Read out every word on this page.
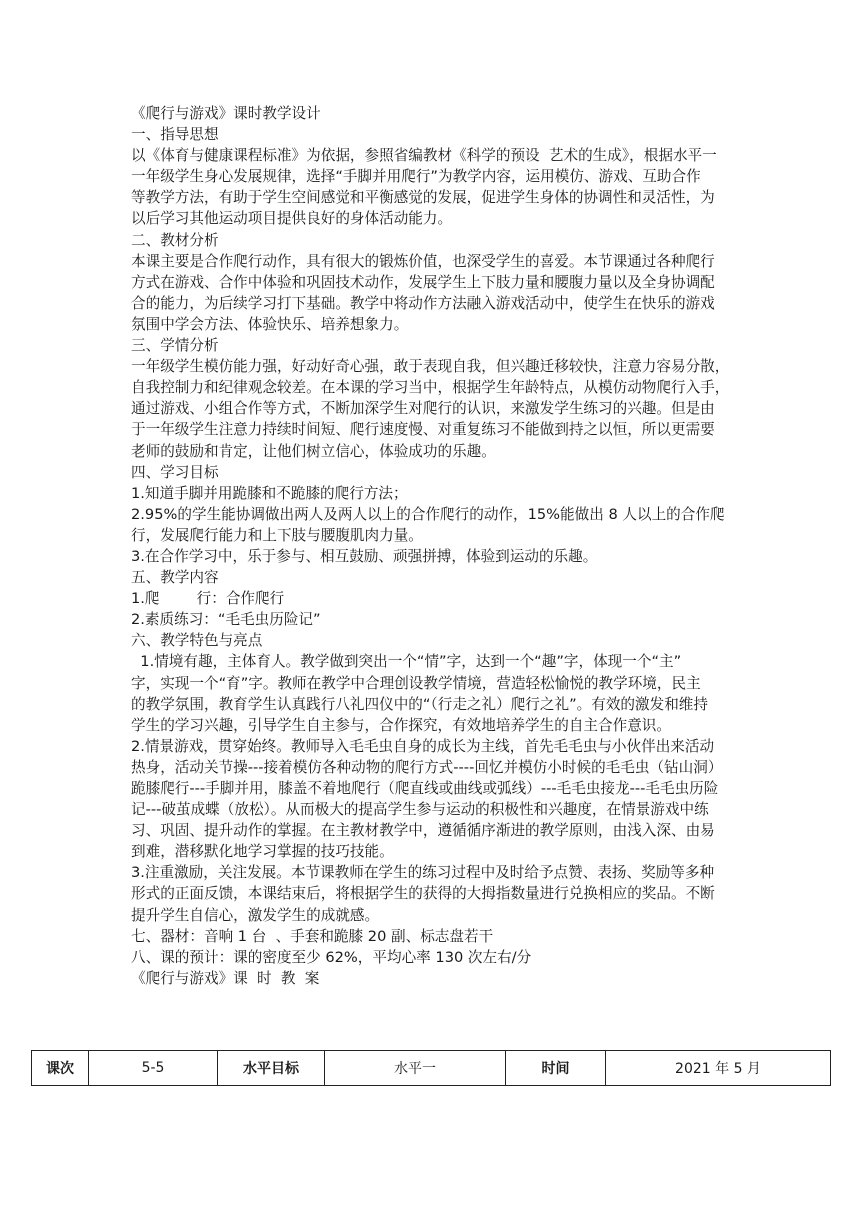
《爬行与游戏》课时教学设计
一、指导思想
以《体育与健康课程标准》为依据，参照省编教材《科学的预设  艺术的生成》，根据水平一
一年级学生身心发展规律，选择“手脚并用爬行”为教学内容，运用模仿、游戏、互助合作
等教学方法，有助于学生空间感觉和平衡感觉的发展，促进学生身体的协调性和灵活性，为
以后学习其他运动项目提供良好的身体活动能力。
二、教材分析
本课主要是合作爬行动作，具有很大的锻炼价值，也深受学生的喜爱。本节课通过各种爬行
方式在游戏、合作中体验和巩固技术动作，发展学生上下肢力量和腰腹力量以及全身协调配
合的能力，为后续学习打下基础。教学中将动作方法融入游戏活动中，使学生在快乐的游戏
氛围中学会方法、体验快乐、培养想象力。
三、学情分析
一年级学生模仿能力强，好动好奇心强，敢于表现自我，但兴趣迁移较快，注意力容易分散，
自我控制力和纪律观念较差。在本课的学习当中，根据学生年龄特点，从模仿动物爬行入手，
通过游戏、小组合作等方式，不断加深学生对爬行的认识，来激发学生练习的兴趣。但是由
于一年级学生注意力持续时间短、爬行速度慢、对重复练习不能做到持之以恒，所以更需要
老师的鼓励和肯定，让他们树立信心，体验成功的乐趣。
四、学习目标
1.知道手脚并用跪膝和不跪膝的爬行方法；
2.95%的学生能协调做出两人及两人以上的合作爬行的动作，15%能做出 8 人以上的合作爬
行，发展爬行能力和上下肢与腰腹肌肉力量。
3.在合作学习中，乐于参与、相互鼓励、顽强拼搏，体验到运动的乐趣。
五、教学内容
1.爬        行：合作爬行
2.素质练习：“毛毛虫历险记”
六、教学特色与亮点
1.情境有趣，主体育人。教学做到突出一个“情”字，达到一个“趣”字，体现一个“主”
字，实现一个“育”字。教师在教学中合理创设教学情境，营造轻松愉悦的教学环境，民主
的教学氛围，教育学生认真践行八礼四仪中的“（行走之礼）爬行之礼”。有效的激发和维持
学生的学习兴趣，引导学生自主参与，合作探究，有效地培养学生的自主合作意识。
2.情景游戏，贯穿始终。教师导入毛毛虫自身的成长为主线，首先毛毛虫与小伙伴出来活动
热身，活动关节操---接着模仿各种动物的爬行方式----回忆并模仿小时候的毛毛虫（钻山洞）
跪膝爬行---手脚并用，膝盖不着地爬行（爬直线或曲线或弧线）---毛毛虫接龙---毛毛虫历险
记---破茧成蝶（放松）。从而极大的提高学生参与运动的积极性和兴趣度，在情景游戏中练
习、巩固、提升动作的掌握。在主教材教学中，遵循循序渐进的教学原则，由浅入深、由易
到难，潜移默化地学习掌握的技巧技能。
3.注重激励，关注发展。本节课教师在学生的练习过程中及时给予点赞、表扬、奖励等多种
形式的正面反馈，本课结束后，将根据学生的获得的大拇指数量进行兑换相应的奖品。不断
提升学生自信心，激发学生的成就感。
七、器材：音响 1 台  、手套和跪膝 20 副、标志盘若干
八、课的预计：课的密度至少 62%，平均心率 130 次左右/分
《爬行与游戏》课  时  教  案
课次	5-5	水平目标	水平一	时间	2021 年 5 月
